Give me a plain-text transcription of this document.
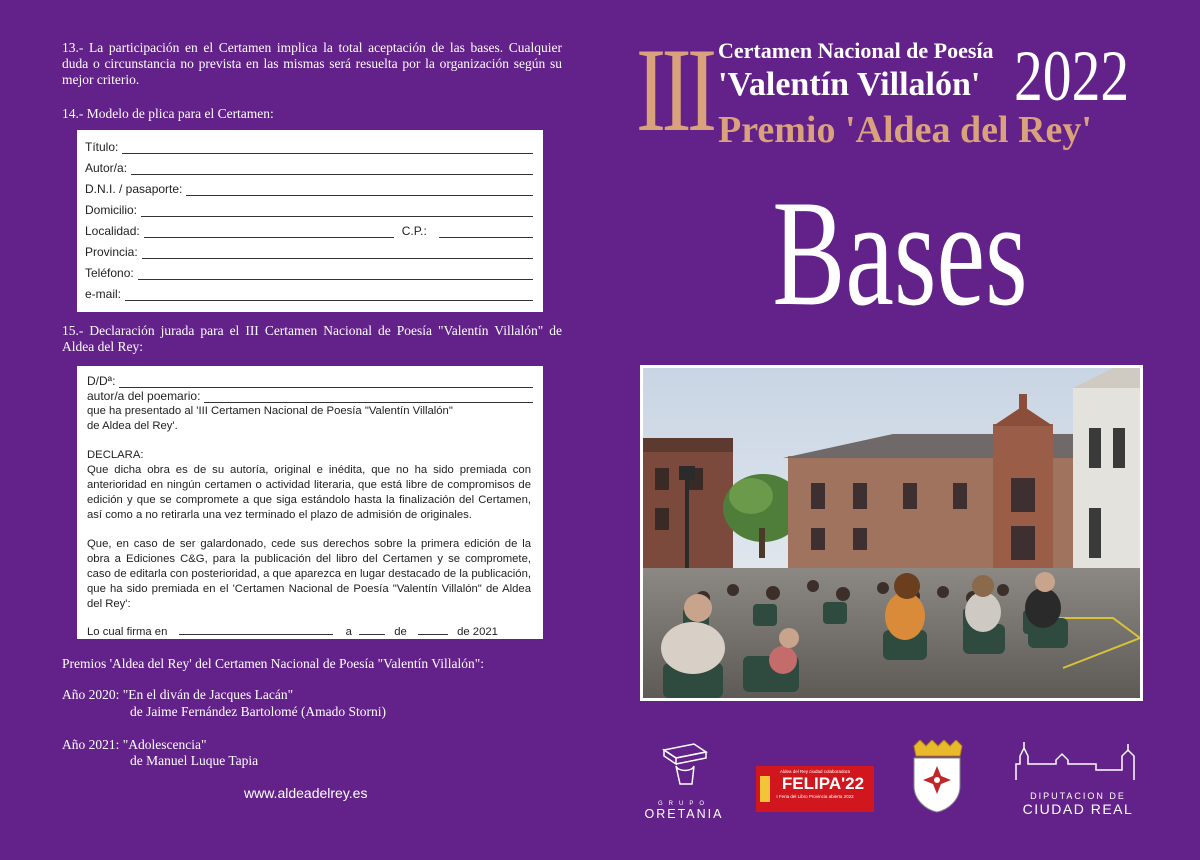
13.- La participación en el Certamen implica la total aceptación de las bases. Cualquier duda o circunstancia no prevista en las mismas será resuelta por la organización según su mejor criterio.
14.- Modelo de plica para el Certamen:
Título:
Autor/a:
D.N.I. / pasaporte:
Domicilio:
Localidad:	C.P.:
Provincia:
Teléfono:
e-mail:
15.- Declaración jurada para el III Certamen Nacional de Poesía "Valentín Villalón" de Aldea del Rey:
D/Dª:
autor/a del poemario:

que ha presentado al 'III Certamen Nacional de Poesía "Valentín Villalón"

de Aldea del Rey'.

DECLARA:

Que dicha obra es de su autoría, original e inédita, que no ha sido premiada con anterioridad en ningún certamen o actividad literaria, que está libre de compromisos de edición y que se compromete a que siga estándolo hasta la finalización del Certamen, así como a no retirarla una vez terminado el plazo de admisión de originales.

Que, en caso de ser galardonado, cede sus derechos sobre la primera edición de la obra a Ediciones C&G, para la publicación del libro del Certamen y se compromete, caso de editarla con posterioridad, a que aparezca en lugar destacado de la publicación, que ha sido premiada en el 'Certamen Nacional de Poesía "Valentín Villalón" de Aldea del Rey':

Lo cual firma en	a	de	de 2021

Premios 'Aldea del Rey' del Certamen Nacional de Poesía "Valentín Villalón":
Año 2020: "En el diván de Jacques Lacán"
de Jaime Fernández Bartolomé (Amado Storni)
Año 2021: "Adolescencia"
de Manuel Luque Tapia
www.aldeadelrey.es
III Certamen Nacional de Poesía
'Valentín Villalón' 2022
Premio 'Aldea del Rey'
Bases
GRUPO
ORETANIA
Aldea del Rey ciudad colaboradora
FELIPA'22
I Feria del Libro Provincia abierta 2022	DIPUTACION DE
CIUDAD REAL
